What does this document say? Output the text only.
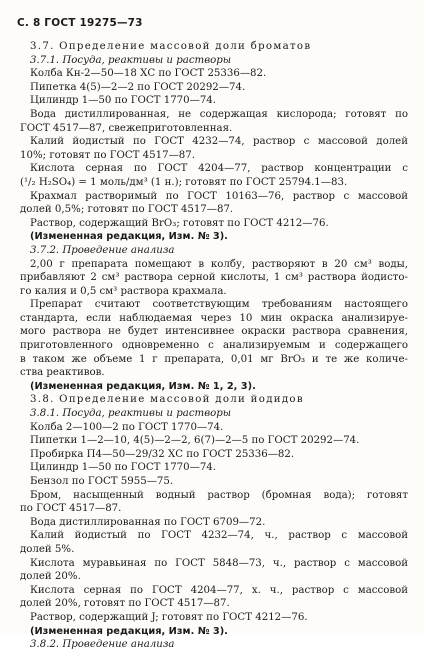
С. 8 ГОСТ 19275—73
3.7. Определение массовой доли броматов
3.7.1. Посуда, реактивы и растворы
Колба Кн-2—50—18 ХС по ГОСТ 25336—82.
Пипетка 4(5)—2—2 по ГОСТ 20292—74.
Цилиндр 1—50 по ГОСТ 1770—74.
Вода дистиллированная, не содержащая кислорода; готовят по
ГОСТ 4517—87, свежеприготовленная.
Калий йодистый по ГОСТ 4232—74, раствор с массовой долей
10%; готовят по ГОСТ 4517—87.
Кислота серная по ГОСТ 4204—77, раствор концентрации с
(¹/₂ H₂SO₄) = 1 моль/дм³ (1 н.); готовят по ГОСТ 25794.1—83.
Крахмал растворимый по ГОСТ 10163—76, раствор с массовой
долей 0,5%; готовят по ГОСТ 4517—87.
Раствор, содержащий BrO₃; готовят по ГОСТ 4212—76.
(Измененная редакция, Изм. № 3).
3.7.2. Проведение анализа
2,00 г препарата помещают в колбу, растворяют в 20 см³ воды,
прибавляют 2 см³ раствора серной кислоты, 1 см³ раствора йодисто-
го калия и 0,5 см³ раствора крахмала.
Препарат считают соответствующим требованиям настоящего
стандарта, если наблюдаемая через 10 мин окраска анализируе-
мого раствора не будет интенсивнее окраски раствора сравнения,
приготовленного одновременно с анализируемым и содержащего
в таком же объеме 1 г препарата, 0,01 мг BrO₃ и те же количе-
ства реактивов.
(Измененная редакция, Изм. № 1, 2, 3).
3.8. Определение массовой доли йодидов
3.8.1. Посуда, реактивы и растворы
Колба 2—100—2 по ГОСТ 1770—74.
Пипетки 1—2—10, 4(5)—2—2, 6(7)—2—5 по ГОСТ 20292—74.
Пробирка П4—50—29/32 ХС по ГОСТ 25336—82.
Цилиндр 1—50 по ГОСТ 1770—74.
Бензол по ГОСТ 5955—75.
Бром, насыщенный водный раствор (бромная вода); готовят
по ГОСТ 4517—87.
Вода дистиллированная по ГОСТ 6709—72.
Калий йодистый по ГОСТ 4232—74, ч., раствор с массовой
долей 5%.
Кислота муравьиная по ГОСТ 5848—73, ч., раствор с массовой
долей 20%.
Кислота серная по ГОСТ 4204—77, х. ч., раствор с массовой
долей 20%, готовят по ГОСТ 4517—87.
Раствор, содержащий J; готовят по ГОСТ 4212—76.
(Измененная редакция, Изм. № 3).
3.8.2. Проведение анализа
